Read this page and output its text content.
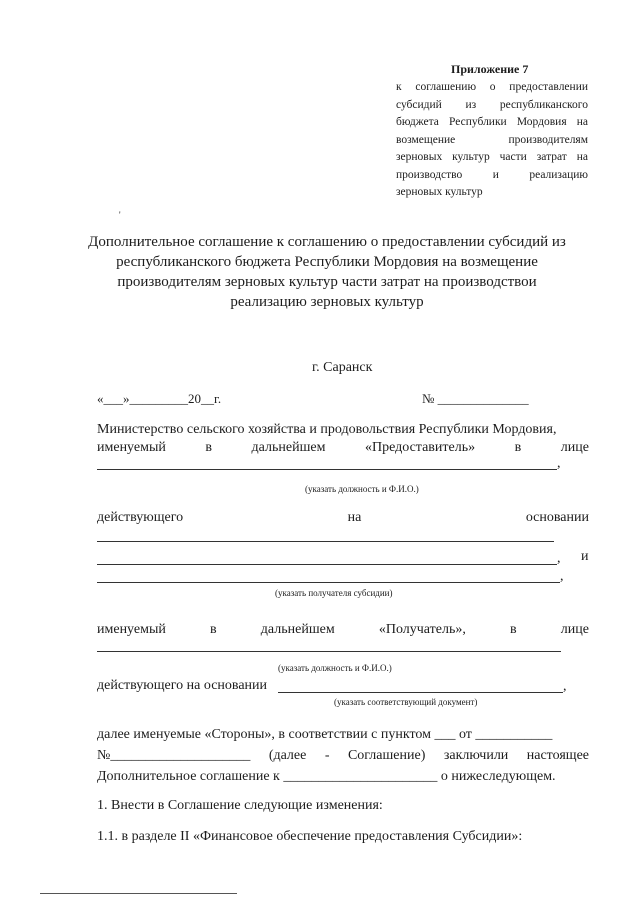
Приложение 7
к соглашению о предоставлении
субсидий из республиканского
бюджета Республики Мордовия на
возмещение	производителям
зерновых культур части затрат на
производство	и	реализацию
зерновых культур
'
Дополнительное соглашение к соглашению о предоставлении субсидий из
республиканского бюджета Республики Мордовия на возмещение
производителям зерновых культур части затрат на производствои
реализацию зерновых культур
г. Саранск
«___»_________20__г.	№ ______________
Министерство сельского хозяйства и продовольствия Республики Мордовия,
именуемый	в	дальнейшем	«Предоставитель»	в	лице
,
(указать должность и Ф.И.О.)
действующего	на	основании
, и
,
(указать получателя субсидии)
именуемый	в	дальнейшем	«Получатель»,	в	лице
(указать должность и Ф.И.О.)
действующего на основании	,
(указать соответствующий документ)
далее именуемые «Стороны», в соответствии с пунктом ___ от ___________
№____________________ (далее - Соглашение) заключили настоящее
Дополнительное соглашение к ______________________ о нижеследующем.
1. Внести в Соглашение следующие изменения:
1.1. в разделе II «Финансовое обеспечение предоставления Субсидии»:
